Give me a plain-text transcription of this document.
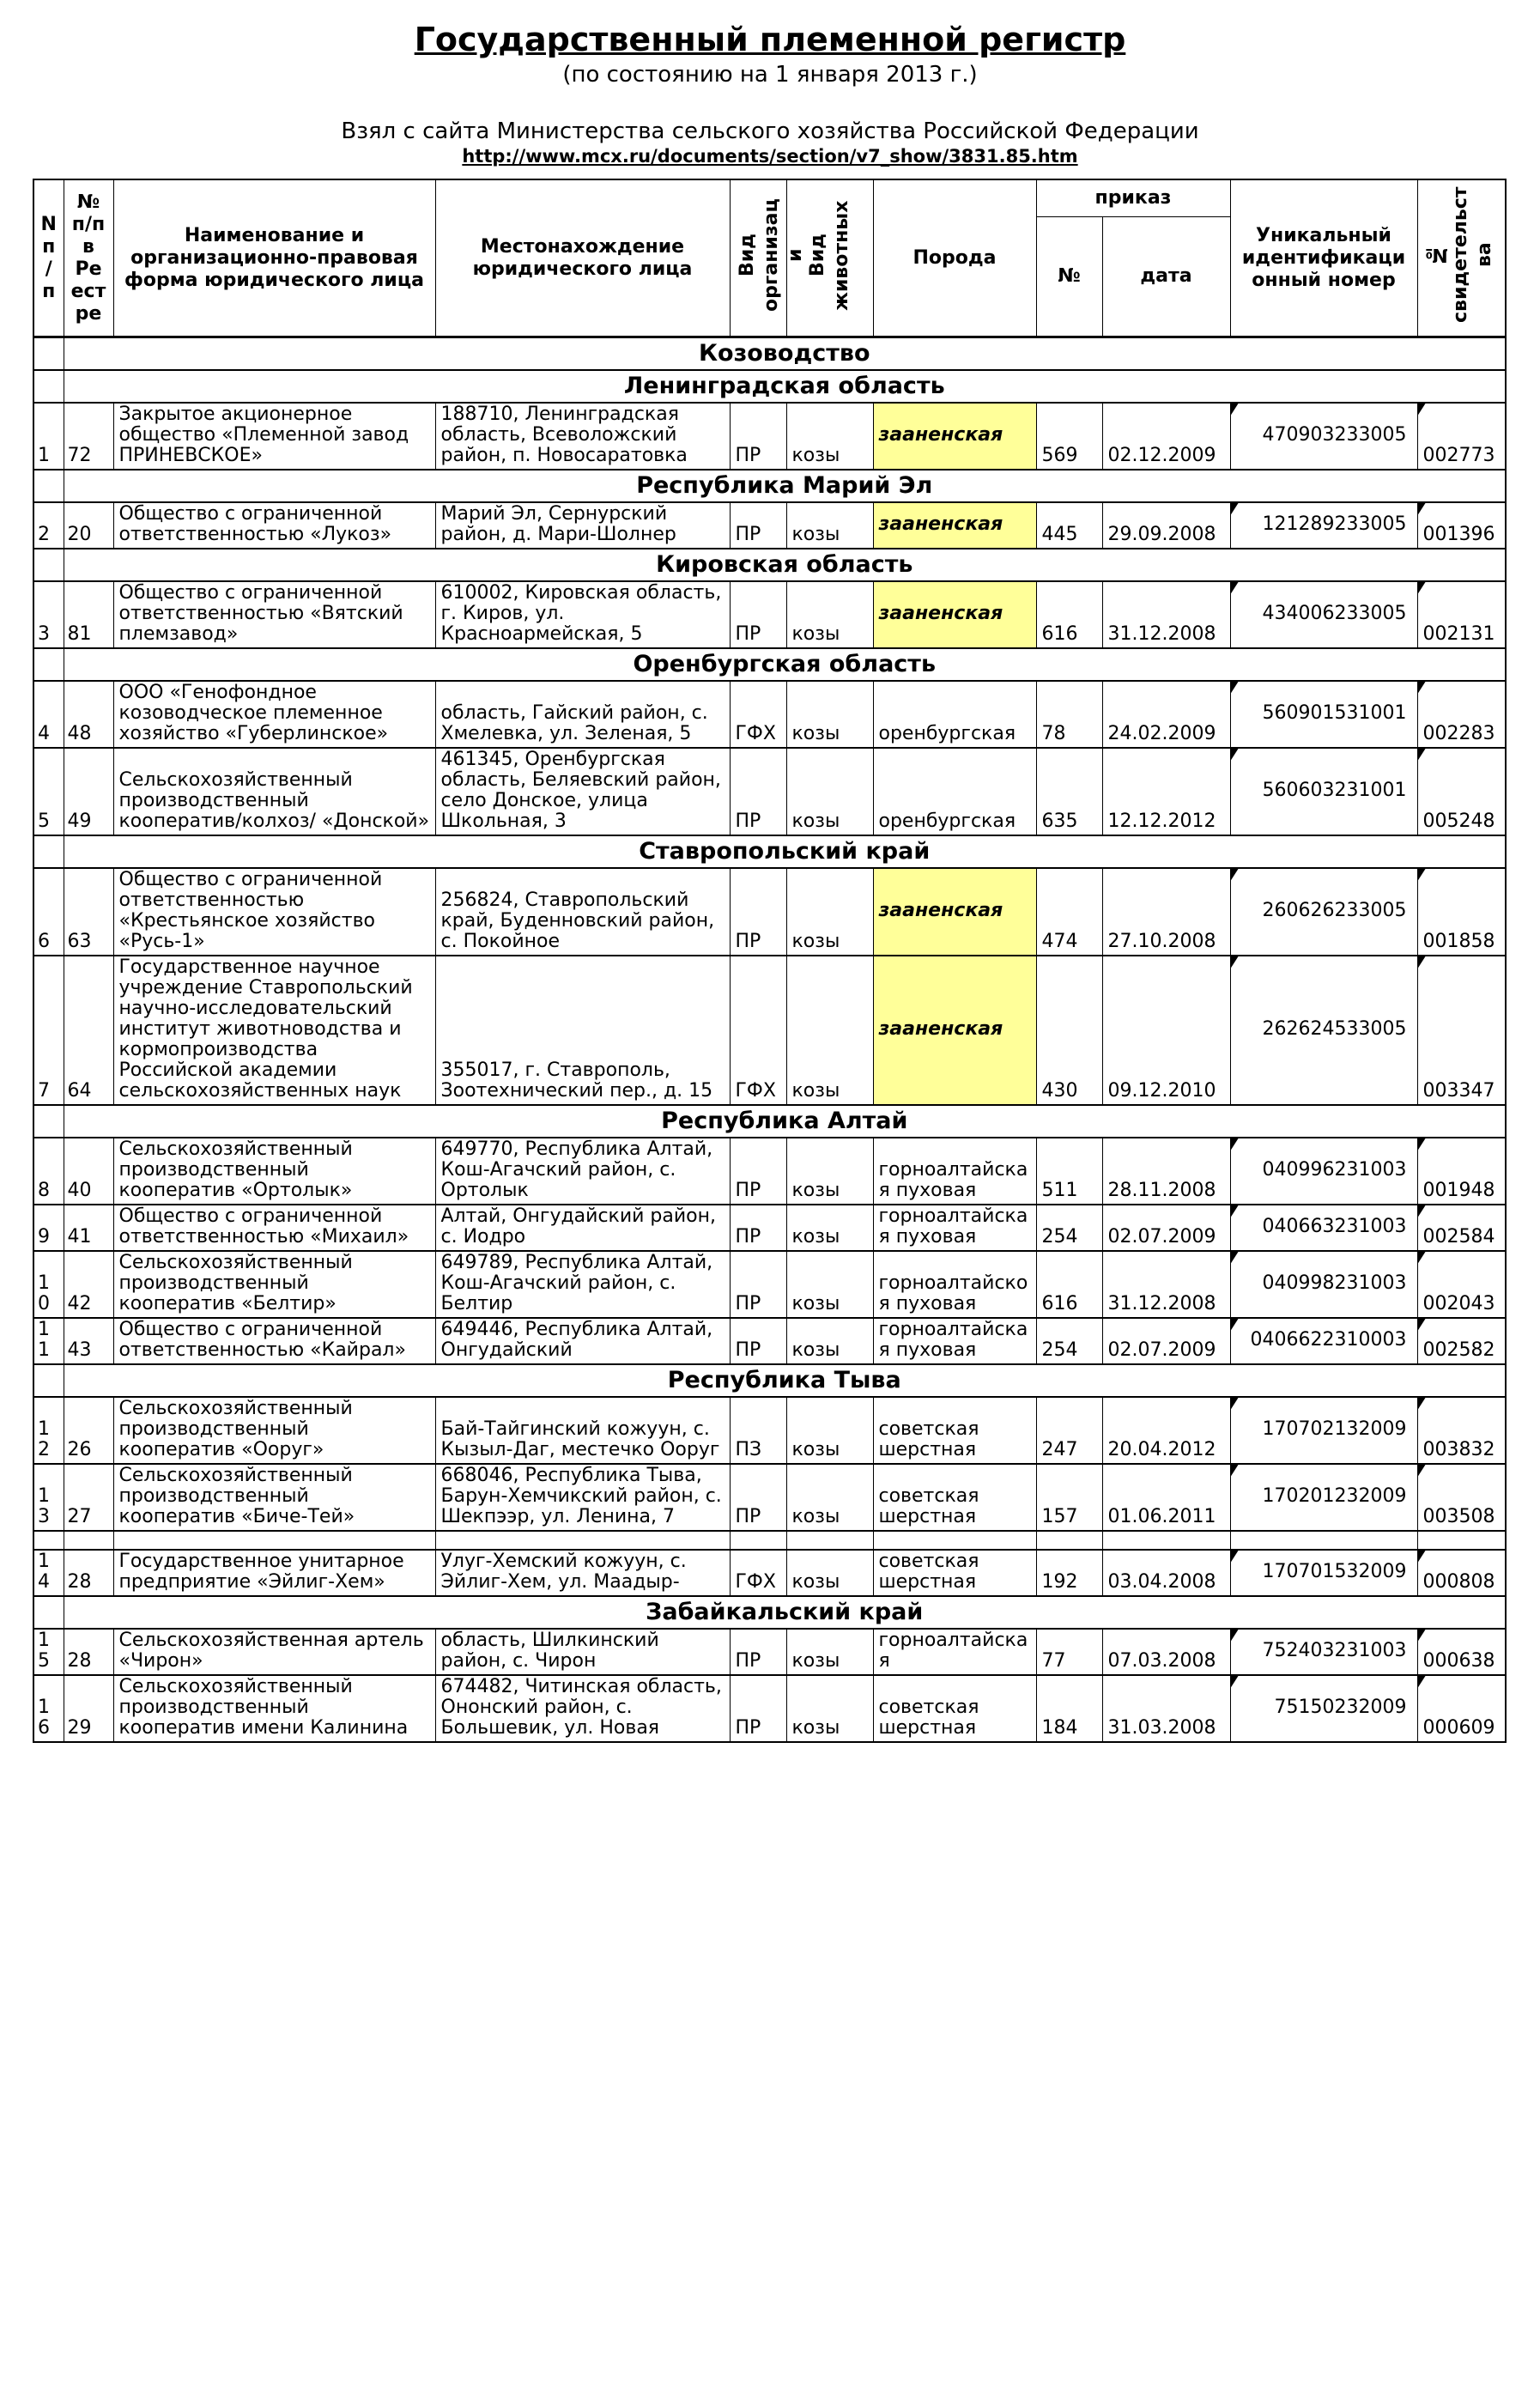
Государственный племенной регистр
(по состоянию на 1 января 2013 г.)
Взял с сайта Министерства сельского хозяйства Российской Федерации
http://www.mcx.ru/documents/section/v7_show/3831.85.htm
N п/п	№ п/п в Реестре	Наименование и организационно-правовая форма юридического лица	Местонахождение юридического лица	Вид организаци	Вид животных	Порода	приказ		Уникальный идентификационный номер	№ свидетельства
							№	дата		
	Козоводство									
	Ленинградская область									
1	72	Закрытое акционерное общество «Племенной завод ПРИНЕВСКОЕ»	188710, Ленинградская область, Всеволожский район, п. Новосаратовка	ПР	козы	зааненская	569	02.12.2009	470903233005	002773
	Республика Марий Эл									
2	20	Общество с ограниченной ответственностью «Лукоз»	Марий Эл, Сернурский район, д. Мари-Шолнер	ПР	козы	зааненская	445	29.09.2008	121289233005	001396
	Кировская область									
3	81	Общество с ограниченной ответственностью «Вятский племзавод»	610002, Кировская область, г. Киров, ул. Красноармейская, 5	ПР	козы	зааненская	616	31.12.2008	434006233005	002131
	Оренбургская область									
4	48	ООО «Генофондное козоводческое племенное хозяйство «Губерлинское»	область, Гайский район, с. Хмелевка, ул. Зеленая, 5	ГФХ	козы	оренбургская	78	24.02.2009	560901531001	002283
5	49	Сельскохозяйственный производственный кооператив/колхоз/ «Донской»	461345, Оренбургская область, Беляевский район, село Донское, улица Школьная, 3	ПР	козы	оренбургская	635	12.12.2012	560603231001	005248
	Ставропольский край									
6	63	Общество с ограниченной ответственностью «Крестьянское хозяйство «Русь-1»	256824, Ставропольский край, Буденновский район, с. Покойное	ПР	козы	зааненская	474	27.10.2008	260626233005	001858
7	64	Государственное научное учреждение Ставропольский научно-исследовательский институт животноводства и кормопроизводства Российской академии сельскохозяйственных наук	355017, г. Ставрополь, Зоотехнический пер., д. 15	ГФХ	козы	зааненская	430	09.12.2010	262624533005	003347
	Республика Алтай									
8	40	Сельскохозяйственный производственный кооператив «Ортолык»	649770, Республика Алтай, Кош-Агачский район, с. Ортолык	ПР	козы	горноалтайская пуховая	511	28.11.2008	040996231003	001948
9	41	Общество с ограниченной ответственностью «Михаил»	Алтай, Онгудайский район, с. Иодро	ПР	козы	горноалтайская пуховая	254	02.07.2009	040663231003	002584
10	42	Сельскохозяйственный производственный кооператив «Белтир»	649789, Республика Алтай, Кош-Агачский район, с. Белтир	ПР	козы	горноалтайскоя пуховая	616	31.12.2008	040998231003	002043
11	43	Общество с ограниченной ответственностью «Кайрал»	649446, Республика Алтай, Онгудайский	ПР	козы	горноалтайская пуховая	254	02.07.2009	0406622310003	002582
	Республика Тыва									
12	26	Сельскохозяйственный производственный кооператив «Ооруг»	Бай-Тайгинский кожуун, с. Кызыл-Даг, местечко Ооруг	ПЗ	козы	советская шерстная	247	20.04.2012	170702132009	003832
13	27	Сельскохозяйственный производственный кооператив «Биче-Тей»	668046, Республика Тыва, Барун-Хемчикский район, с. Шекпээр, ул. Ленина, 7	ПР	козы	советская шерстная	157	01.06.2011	170201232009	003508

14	28	Государственное унитарное предприятие «Эйлиг-Хем»	Улуг-Хемский кожуун, с. Эйлиг-Хем, ул. Маадыр-	ГФХ	козы	советская шерстная	192	03.04.2008	170701532009	000808
	Забайкальский край									
15	28	Сельскохозяйственная артель «Чирон»	область, Шилкинский район, с. Чирон	ПР	козы	горноалтайская	77	07.03.2008	752403231003	000638
16	29	Сельскохозяйственный производственный кооператив имени Калинина	674482, Читинская область, Ононский район, с. Большевик, ул. Новая	ПР	козы	советская шерстная	184	31.03.2008	75150232009	000609
